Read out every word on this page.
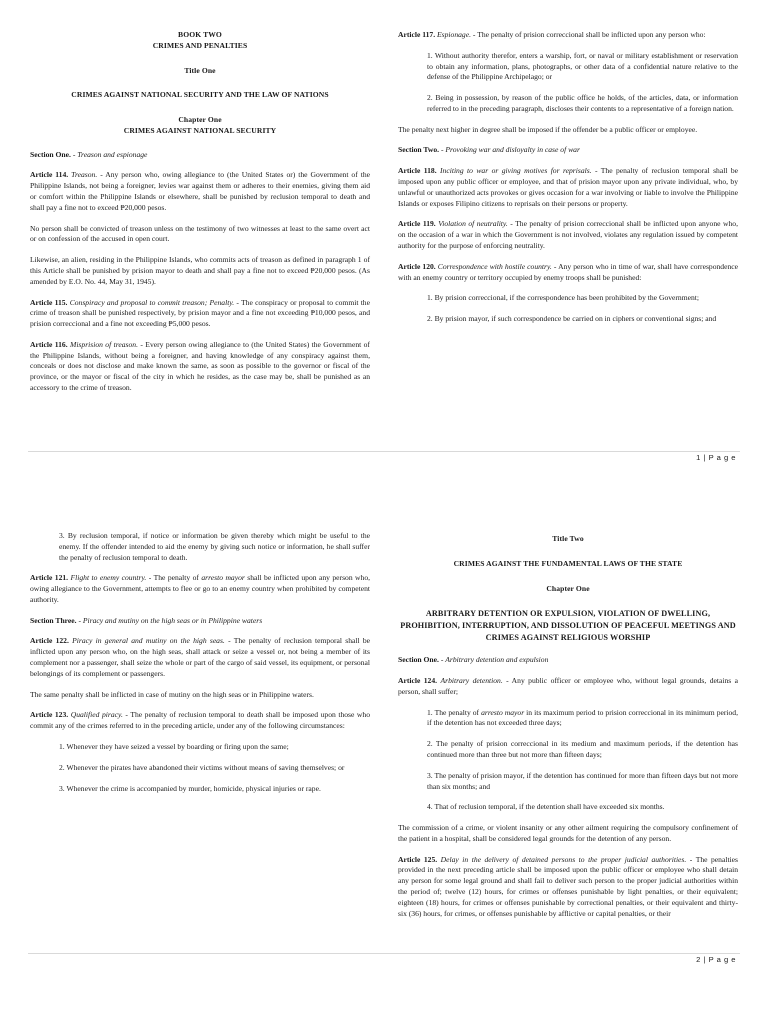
BOOK TWO
CRIMES AND PENALTIES
Title One
CRIMES AGAINST NATIONAL SECURITY AND THE LAW OF NATIONS
Chapter One
CRIMES AGAINST NATIONAL SECURITY

Section One. - Treason and espionage

Article 114. Treason. - Any person who, owing allegiance to (the United States or) the Government of the Philippine Islands, not being a foreigner, levies war against them or adheres to their enemies, giving them aid or comfort within the Philippine Islands or elsewhere, shall be punished by reclusion temporal to death and shall pay a fine not to exceed ₱20,000 pesos.

No person shall be convicted of treason unless on the testimony of two witnesses at least to the same overt act or on confession of the accused in open court.

Likewise, an alien, residing in the Philippine Islands, who commits acts of treason as defined in paragraph 1 of this Article shall be punished by prision mayor to death and shall pay a fine not to exceed ₱20,000 pesos. (As amended by E.O. No. 44, May 31, 1945).

Article 115. Conspiracy and proposal to commit treason; Penalty. - The conspiracy or proposal to commit the crime of treason shall be punished respectively, by prision mayor and a fine not exceeding ₱10,000 pesos, and prision correccional and a fine not exceeding ₱5,000 pesos.

Article 116. Misprision of treason. - Every person owing allegiance to (the United States) the Government of the Philippine Islands, without being a foreigner, and having knowledge of any conspiracy against them, conceals or does not disclose and make known the same, as soon as possible to the governor or fiscal of the province, or the mayor or fiscal of the city in which he resides, as the case may be, shall be punished as an accessory to the crime of treason.

Article 117. Espionage. - The penalty of prision correccional shall be inflicted upon any person who:

1. Without authority therefor, enters a warship, fort, or naval or military establishment or reservation to obtain any information, plans, photographs, or other data of a confidential nature relative to the defense of the Philippine Archipelago; or

2. Being in possession, by reason of the public office he holds, of the articles, data, or information referred to in the preceding paragraph, discloses their contents to a representative of a foreign nation.

The penalty next higher in degree shall be imposed if the offender be a public officer or employee.

Section Two. - Provoking war and disloyalty in case of war

Article 118. Inciting to war or giving motives for reprisals. - The penalty of reclusion temporal shall be imposed upon any public officer or employee, and that of prision mayor upon any private individual, who, by unlawful or unauthorized acts provokes or gives occasion for a war involving or liable to involve the Philippine Islands or exposes Filipino citizens to reprisals on their persons or property.

Article 119. Violation of neutrality. - The penalty of prision correccional shall be inflicted upon anyone who, on the occasion of a war in which the Government is not involved, violates any regulation issued by competent authority for the purpose of enforcing neutrality.

Article 120. Correspondence with hostile country. - Any person who in time of war, shall have correspondence with an enemy country or territory occupied by enemy troops shall be punished:

1. By prision correccional, if the correspondence has been prohibited by the Government;

2. By prision mayor, if such correspondence be carried on in ciphers or conventional signs; and

1 | P a g e

3. By reclusion temporal, if notice or information be given thereby which might be useful to the enemy. If the offender intended to aid the enemy by giving such notice or information, he shall suffer the penalty of reclusion temporal to death.

Article 121. Flight to enemy country. - The penalty of arresto mayor shall be inflicted upon any person who, owing allegiance to the Government, attempts to flee or go to an enemy country when prohibited by competent authority.

Section Three. - Piracy and mutiny on the high seas or in Philippine waters

Article 122. Piracy in general and mutiny on the high seas. - The penalty of reclusion temporal shall be inflicted upon any person who, on the high seas, shall attack or seize a vessel or, not being a member of its complement nor a passenger, shall seize the whole or part of the cargo of said vessel, its equipment, or personal belongings of its complement or passengers.

The same penalty shall be inflicted in case of mutiny on the high seas or in Philippine waters.

Article 123. Qualified piracy. - The penalty of reclusion temporal to death shall be imposed upon those who commit any of the crimes referred to in the preceding article, under any of the following circumstances:

1. Whenever they have seized a vessel by boarding or firing upon the same;

2. Whenever the pirates have abandoned their victims without means of saving themselves; or

3. Whenever the crime is accompanied by murder, homicide, physical injuries or rape.

Title Two
CRIMES AGAINST THE FUNDAMENTAL LAWS OF THE STATE
Chapter One
ARBITRARY DETENTION OR EXPULSION, VIOLATION OF DWELLING, PROHIBITION, INTERRUPTION, AND DISSOLUTION OF PEACEFUL MEETINGS AND CRIMES AGAINST RELIGIOUS WORSHIP

Section One. - Arbitrary detention and expulsion

Article 124. Arbitrary detention. - Any public officer or employee who, without legal grounds, detains a person, shall suffer;

1. The penalty of arresto mayor in its maximum period to prision correccional in its minimum period, if the detention has not exceeded three days;

2. The penalty of prision correccional in its medium and maximum periods, if the detention has continued more than three but not more than fifteen days;

3. The penalty of prision mayor, if the detention has continued for more than fifteen days but not more than six months; and

4. That of reclusion temporal, if the detention shall have exceeded six months.

The commission of a crime, or violent insanity or any other ailment requiring the compulsory confinement of the patient in a hospital, shall be considered legal grounds for the detention of any person.

Article 125. Delay in the delivery of detained persons to the proper judicial authorities. - The penalties provided in the next preceding article shall be imposed upon the public officer or employee who shall detain any person for some legal ground and shall fail to deliver such person to the proper judicial authorities within the period of; twelve (12) hours, for crimes or offenses punishable by light penalties, or their equivalent; eighteen (18) hours, for crimes or offenses punishable by correctional penalties, or their equivalent and thirty-six (36) hours, for crimes, or offenses punishable by afflictive or capital penalties, or their

2 | P a g e
